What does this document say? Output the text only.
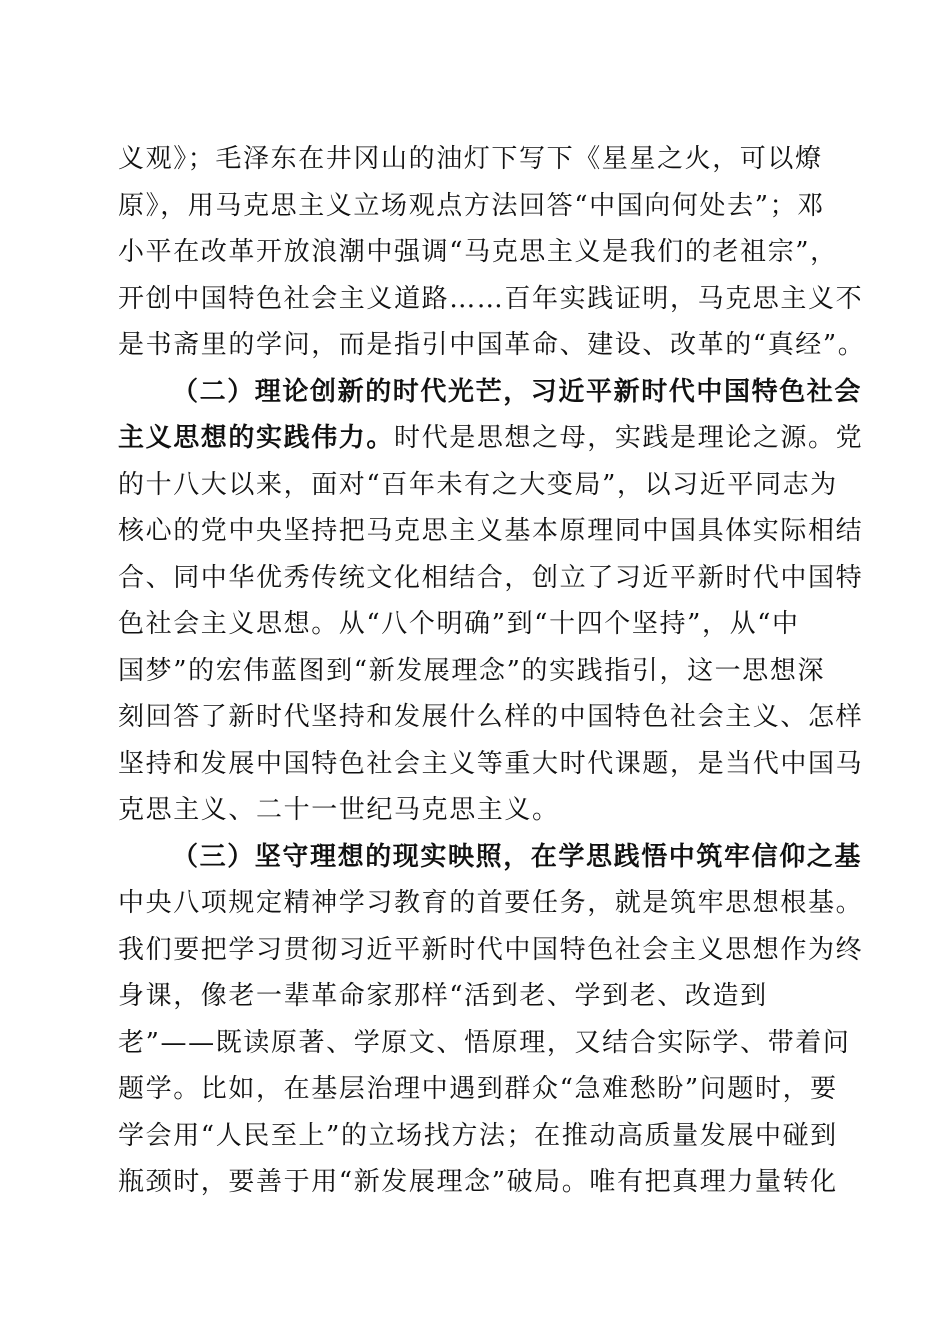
义观》；毛泽东在井冈山的油灯下写下《星星之火，可以燎
原》，用马克思主义立场观点方法回答“中国向何处去”；邓
小平在改革开放浪潮中强调“马克思主义是我们的老祖宗”，
开创中国特色社会主义道路……百年实践证明，马克思主义不
是书斋里的学问，而是指引中国革命、建设、改革的“真经”。
（二）理论创新的时代光芒，习近平新时代中国特色社会
主义思想的实践伟力。时代是思想之母，实践是理论之源。党
的十八大以来，面对“百年未有之大变局”，以习近平同志为
核心的党中央坚持把马克思主义基本原理同中国具体实际相结
合、同中华优秀传统文化相结合，创立了习近平新时代中国特
色社会主义思想。从“八个明确”到“十四个坚持”，从“中
国梦”的宏伟蓝图到“新发展理念”的实践指引，这一思想深
刻回答了新时代坚持和发展什么样的中国特色社会主义、怎样
坚持和发展中国特色社会主义等重大时代课题，是当代中国马
克思主义、二十一世纪马克思主义。
（三）坚守理想的现实映照，在学思践悟中筑牢信仰之基
中央八项规定精神学习教育的首要任务，就是筑牢思想根基。
我们要把学习贯彻习近平新时代中国特色社会主义思想作为终
身课，像老一辈革命家那样“活到老、学到老、改造到
老”——既读原著、学原文、悟原理，又结合实际学、带着问
题学。比如，在基层治理中遇到群众“急难愁盼”问题时，要
学会用“人民至上”的立场找方法；在推动高质量发展中碰到
瓶颈时，要善于用“新发展理念”破局。唯有把真理力量转化
